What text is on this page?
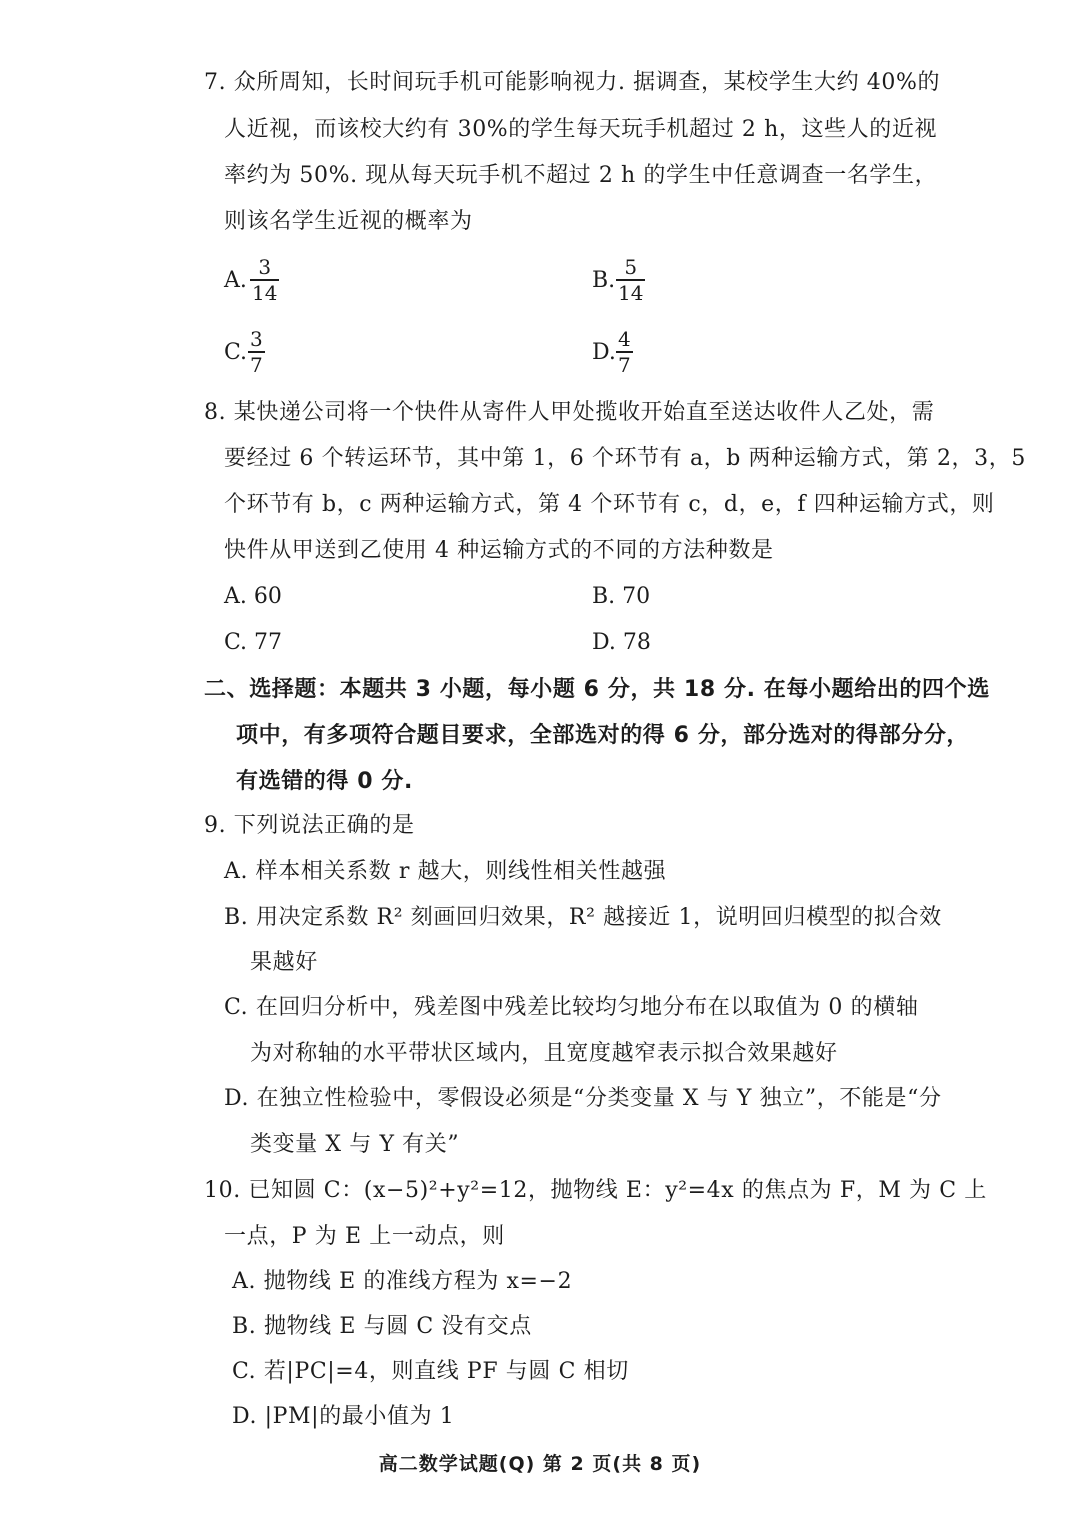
7. 众所周知，长时间玩手机可能影响视力. 据调查，某校学生大约 40%的
人近视，而该校大约有 30%的学生每天玩手机超过 2 h，这些人的近视
率约为 50%. 现从每天玩手机不超过 2 h 的学生中任意调查一名学生，
则该名学生近视的概率为
A.
3
14	B.
5
14
C.
3
7	D.
4
7
8. 某快递公司将一个快件从寄件人甲处揽收开始直至送达收件人乙处，需
要经过 6 个转运环节，其中第 1，6 个环节有 a，b 两种运输方式，第 2，3，5
个环节有 b，c 两种运输方式，第 4 个环节有 c，d，e，f 四种运输方式，则
快件从甲送到乙使用 4 种运输方式的不同的方法种数是
A. 60	B. 70
C. 77	D. 78
二、选择题：本题共 3 小题，每小题 6 分，共 18 分. 在每小题给出的四个选
项中，有多项符合题目要求，全部选对的得 6 分，部分选对的得部分分，
有选错的得 0 分.
9. 下列说法正确的是
A. 样本相关系数 r 越大，则线性相关性越强
B. 用决定系数 R² 刻画回归效果，R² 越接近 1，说明回归模型的拟合效
果越好
C. 在回归分析中，残差图中残差比较均匀地分布在以取值为 0 的横轴
为对称轴的水平带状区域内，且宽度越窄表示拟合效果越好
D. 在独立性检验中，零假设必须是“分类变量 X 与 Y 独立”，不能是“分
类变量 X 与 Y 有关”
10. 已知圆 C：(x−5)²+y²=12，抛物线 E：y²=4x 的焦点为 F，M 为 C 上
一点，P 为 E 上一动点，则
A. 抛物线 E 的准线方程为 x=−2
B. 抛物线 E 与圆 C 没有交点
C. 若|PC|=4，则直线 PF 与圆 C 相切
D. |PM|的最小值为 1
高二数学试题(Q) 第 2 页(共 8 页)
